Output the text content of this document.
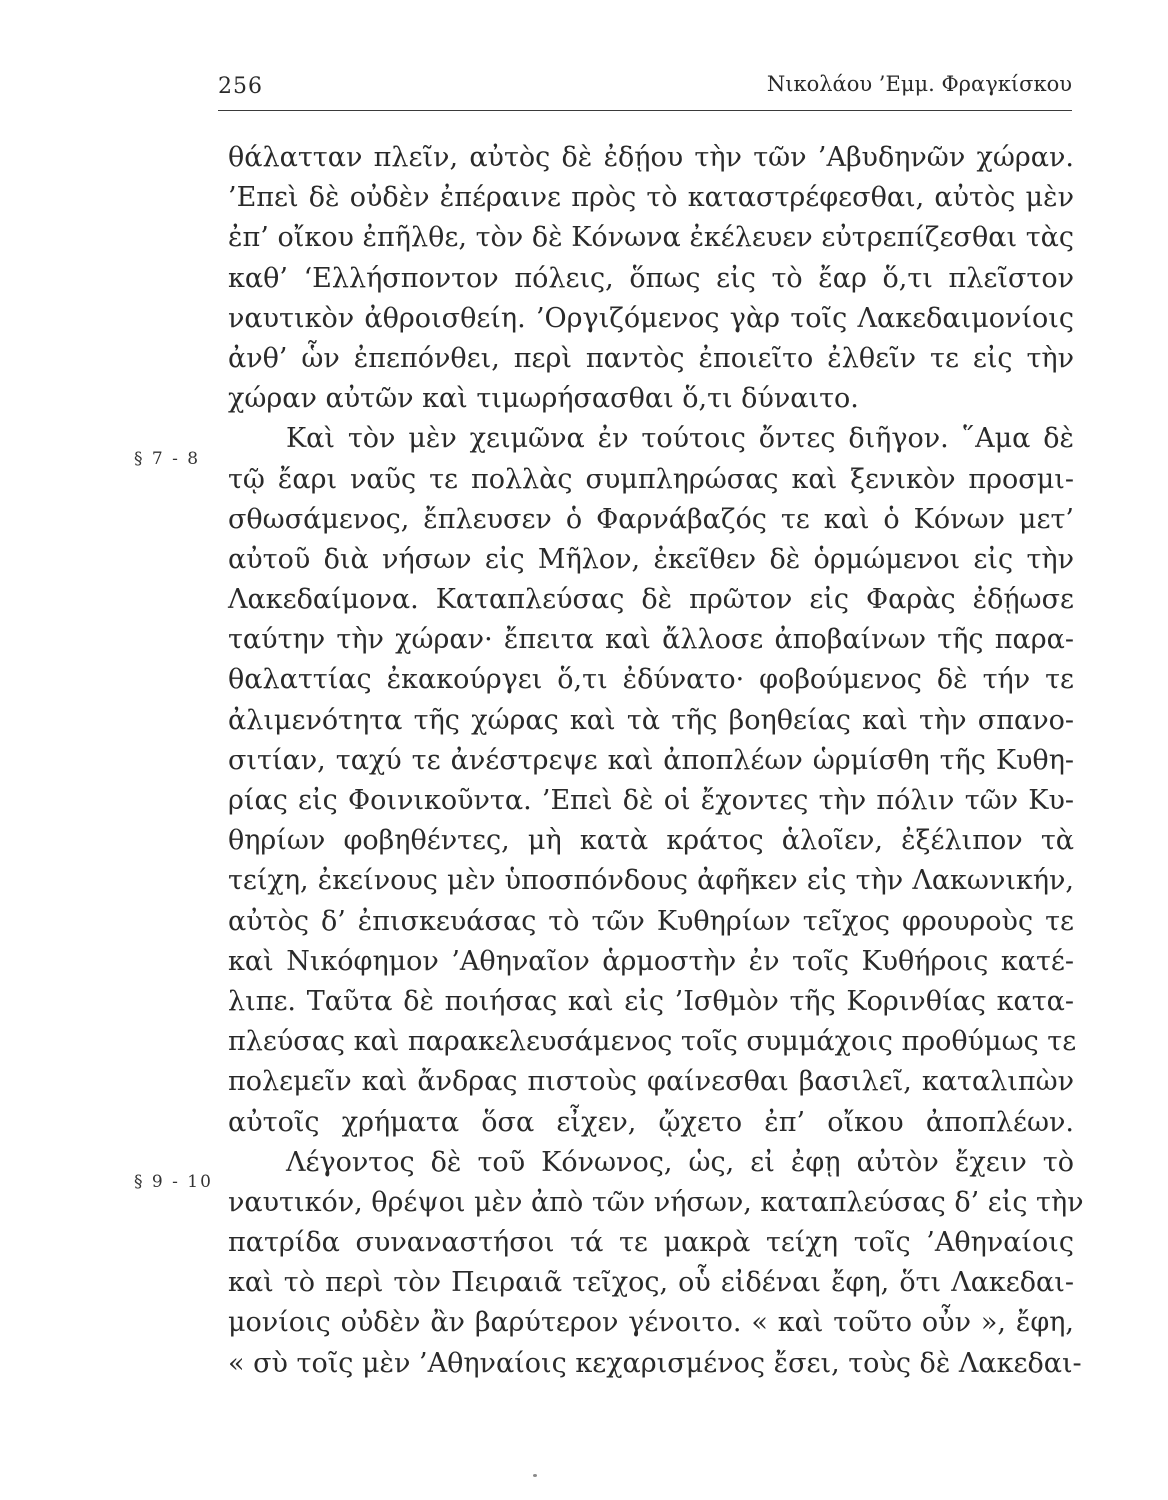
256	Νικολάου ’Εμμ. Φραγκίσκου
§ 7 - 8
§ 9 - 10
θάλατταν πλεῖν, αὐτὸς δὲ ἐδῄου τὴν τῶν ’Αβυδηνῶν χώραν.
’Επεὶ δὲ οὐδὲν ἐπέραινε πρὸς τὸ καταστρέφεσθαι, αὐτὸς μὲν
ἐπ’ οἴκου ἐπῆλθε, τὸν δὲ Κόνωνα ἐκέλευεν εὐτρεπίζεσθαι τὰς
καθ’ ‘Ελλήσποντον πόλεις, ὅπως εἰς τὸ ἔαρ ὅ,τι πλεῖστον
ναυτικὸν ἀθροισθείη. ’Οργιζόμενος γὰρ τοῖς Λακεδαιμονίοις
ἀνθ’ ὧν ἐπεπόνθει, περὶ παντὸς ἐποιεῖτο ἐλθεῖν τε εἰς τὴν
χώραν αὐτῶν καὶ τιμωρήσασθαι ὅ,τι δύναιτο.
Καὶ τὸν μὲν χειμῶνα ἐν τούτοις ὄντες διῆγον. ῞Αμα δὲ
τῷ ἔαρι ναῦς τε πολλὰς συμπληρώσας καὶ ξενικὸν προσμι-
σθωσάμενος, ἔπλευσεν ὁ Φαρνάβαζός τε καὶ ὁ Κόνων μετ’
αὐτοῦ διὰ νήσων εἰς Μῆλον, ἐκεῖθεν δὲ ὁρμώμενοι εἰς τὴν
Λακεδαίμονα. Καταπλεύσας δὲ πρῶτον εἰς Φαρὰς ἐδῄωσε
ταύτην τὴν χώραν· ἔπειτα καὶ ἄλλοσε ἀποβαίνων τῆς παρα-
θαλαττίας ἐκακούργει ὅ,τι ἐδύνατο· φοβούμενος δὲ τήν τε
ἀλιμενότητα τῆς χώρας καὶ τὰ τῆς βοηθείας καὶ τὴν σπανο-
σιτίαν, ταχύ τε ἀνέστρεψε καὶ ἀποπλέων ὡρμίσθη τῆς Κυθη-
ρίας εἰς Φοινικοῦντα. ’Επεὶ δὲ οἱ ἔχοντες τὴν πόλιν τῶν Κυ-
θηρίων φοβηθέντες, μὴ κατὰ κράτος ἁλοῖεν, ἐξέλιπον τὰ
τείχη, ἐκείνους μὲν ὑποσπόνδους ἀφῆκεν εἰς τὴν Λακωνικήν,
αὐτὸς δ’ ἐπισκευάσας τὸ τῶν Κυθηρίων τεῖχος φρουροὺς τε
καὶ Νικόφημον ’Αθηναῖον ἁρμοστὴν ἐν τοῖς Κυθήροις κατέ-
λιπε. Ταῦτα δὲ ποιήσας καὶ εἰς ’Ισθμὸν τῆς Κορινθίας κατα-
πλεύσας καὶ παρακελευσάμενος τοῖς συμμάχοις προθύμως τε
πολεμεῖν καὶ ἄνδρας πιστοὺς φαίνεσθαι βασιλεῖ, καταλιπὼν
αὐτοῖς χρήματα ὅσα εἶχεν, ᾤχετο ἐπ’ οἴκου ἀποπλέων.
Λέγοντος δὲ τοῦ Κόνωνος, ὡς, εἰ ἐφῃ αὐτὸν ἔχειν τὸ
ναυτικόν, θρέψοι μὲν ἀπὸ τῶν νήσων, καταπλεύσας δ’ εἰς τὴν
πατρίδα συναναστήσοι τά τε μακρὰ τείχη τοῖς ’Αθηναίοις
καὶ τὸ περὶ τὸν Πειραιᾶ τεῖχος, οὗ εἰδέναι ἔφη, ὅτι Λακεδαι-
μονίοις οὐδὲν ἂν βαρύτερον γένοιτο. « καὶ τοῦτο οὖν », ἔφη,
« σὺ τοῖς μὲν ’Αθηναίοις κεχαρισμένος ἔσει, τοὺς δὲ Λακεδαι-
